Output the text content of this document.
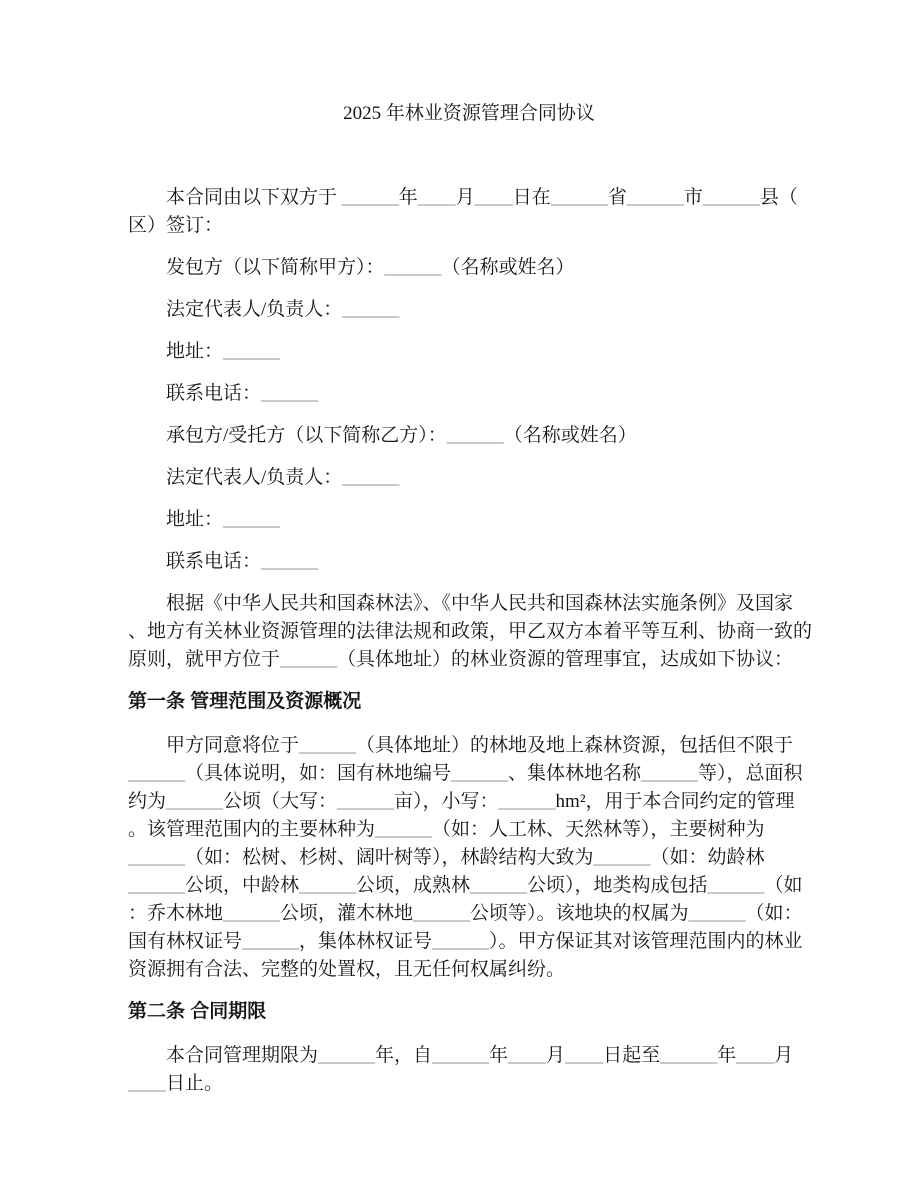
2025 年林业资源管理合同协议
本合同由以下双方于 ______年____月____日在______省______市______县（
区）签订：
发包方（以下简称甲方）：______（名称或姓名）
法定代表人/负责人：______
地址：______
联系电话：______
承包方/受托方（以下简称乙方）：______（名称或姓名）
法定代表人/负责人：______
地址：______
联系电话：______
根据《中华人民共和国森林法》、《中华人民共和国森林法实施条例》及国家
、地方有关林业资源管理的法律法规和政策，甲乙双方本着平等互利、协商一致的
原则，就甲方位于______（具体地址）的林业资源的管理事宜，达成如下协议：
第一条 管理范围及资源概况
甲方同意将位于______（具体地址）的林地及地上森林资源，包括但不限于
______（具体说明，如：国有林地编号______、集体林地名称______等），总面积
约为______公顷（大写：______亩），小写：______hm²，用于本合同约定的管理
。该管理范围内的主要林种为______（如：人工林、天然林等），主要树种为
______（如：松树、杉树、阔叶树等），林龄结构大致为______（如：幼龄林
______公顷，中龄林______公顷，成熟林______公顷），地类构成包括______（如
：乔木林地______公顷，灌木林地______公顷等）。该地块的权属为______（如：
国有林权证号______，集体林权证号______）。甲方保证其对该管理范围内的林业
资源拥有合法、完整的处置权，且无任何权属纠纷。
第二条 合同期限
本合同管理期限为______年，自______年____月____日起至______年____月
____日止。
